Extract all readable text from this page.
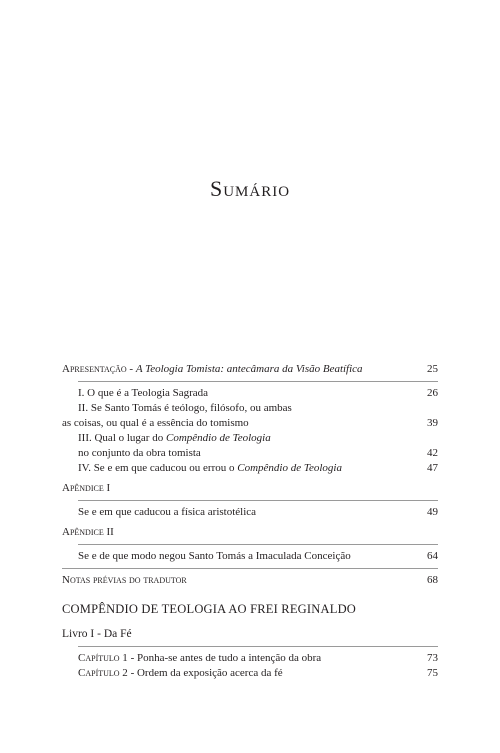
Sumário
Apresentação - A Teologia Tomista: antecâmara da Visão Beatífica	25
I. O que é a Teologia Sagrada	26
II. Se Santo Tomás é teólogo, filósofo, ou ambas
as coisas, ou qual é a essência do tomismo	39
III. Qual o lugar do Compêndio de Teologia
no conjunto da obra tomista	42
IV. Se e em que caducou ou errou o Compêndio de Teologia	47
Apêndice I
Se e em que caducou a física aristotélica	49
Apêndice II
Se e de que modo negou Santo Tomás a Imaculada Conceição	64
Notas prévias do tradutor	68
COMPÊNDIO DE TEOLOGIA AO FREI REGINALDO
Livro I - Da Fé
Capítulo 1 - Ponha-se antes de tudo a intenção da obra	73
Capítulo 2 - Ordem da exposição acerca da fé	75
